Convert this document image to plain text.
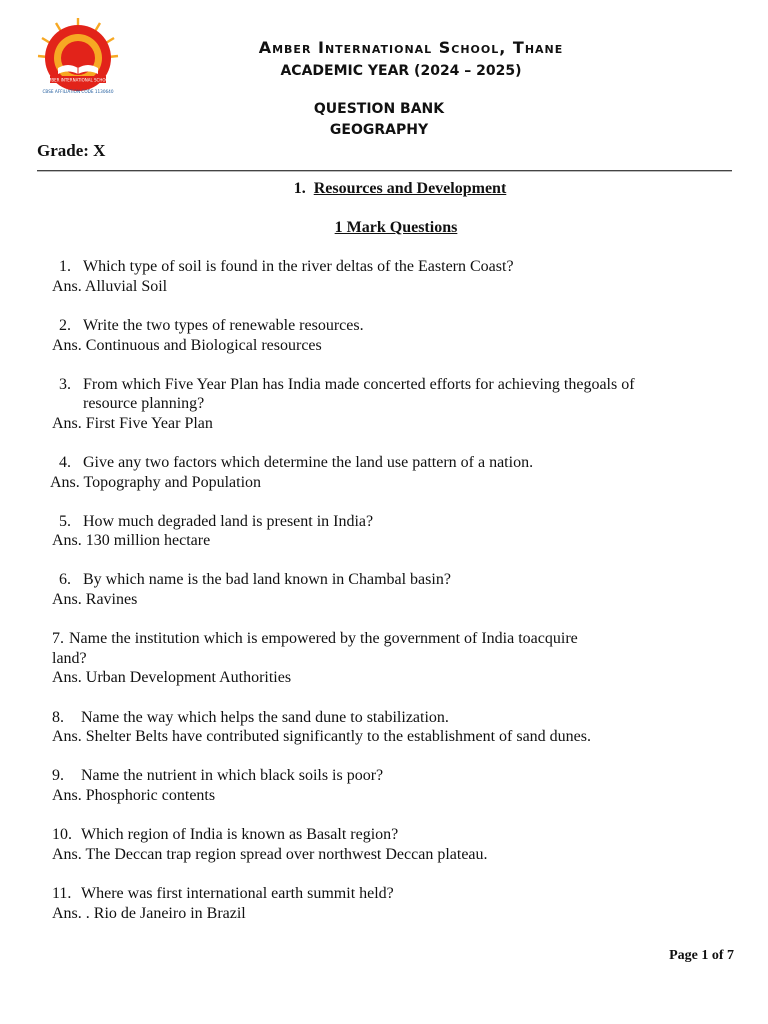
AMBER INTERNATIONAL SCHOOL
CBSE AFFILIATION CODE 1130640
Amber International School, Thane
ACADEMIC YEAR (2024 – 2025)
QUESTION BANK
GEOGRAPHY
Grade: X
1. Resources and Development
1 Mark Questions
1. Which type of soil is found in the river deltas of the Eastern Coast?
Ans. Alluvial Soil
2. Write the two types of renewable resources.
Ans. Continuous and Biological resources
3. From which Five Year Plan has India made concerted efforts for achieving thegoals of
resource planning?
Ans. First Five Year Plan
4. Give any two factors which determine the land use pattern of a nation.
Ans. Topography and Population
5. How much degraded land is present in India?
Ans. 130 million hectare
6. By which name is the bad land known in Chambal basin?
Ans. Ravines
7. Name the institution which is empowered by the government of India toacquire
land?
Ans. Urban Development Authorities
8. Name the way which helps the sand dune to stabilization.
Ans. Shelter Belts have contributed significantly to the establishment of sand dunes.
9. Name the nutrient in which black soils is poor?
Ans. Phosphoric contents
10. Which region of India is known as Basalt region?
Ans. The Deccan trap region spread over northwest Deccan plateau.
11. Where was first international earth summit held?
Ans. . Rio de Janeiro in Brazil
Page 1 of 7
